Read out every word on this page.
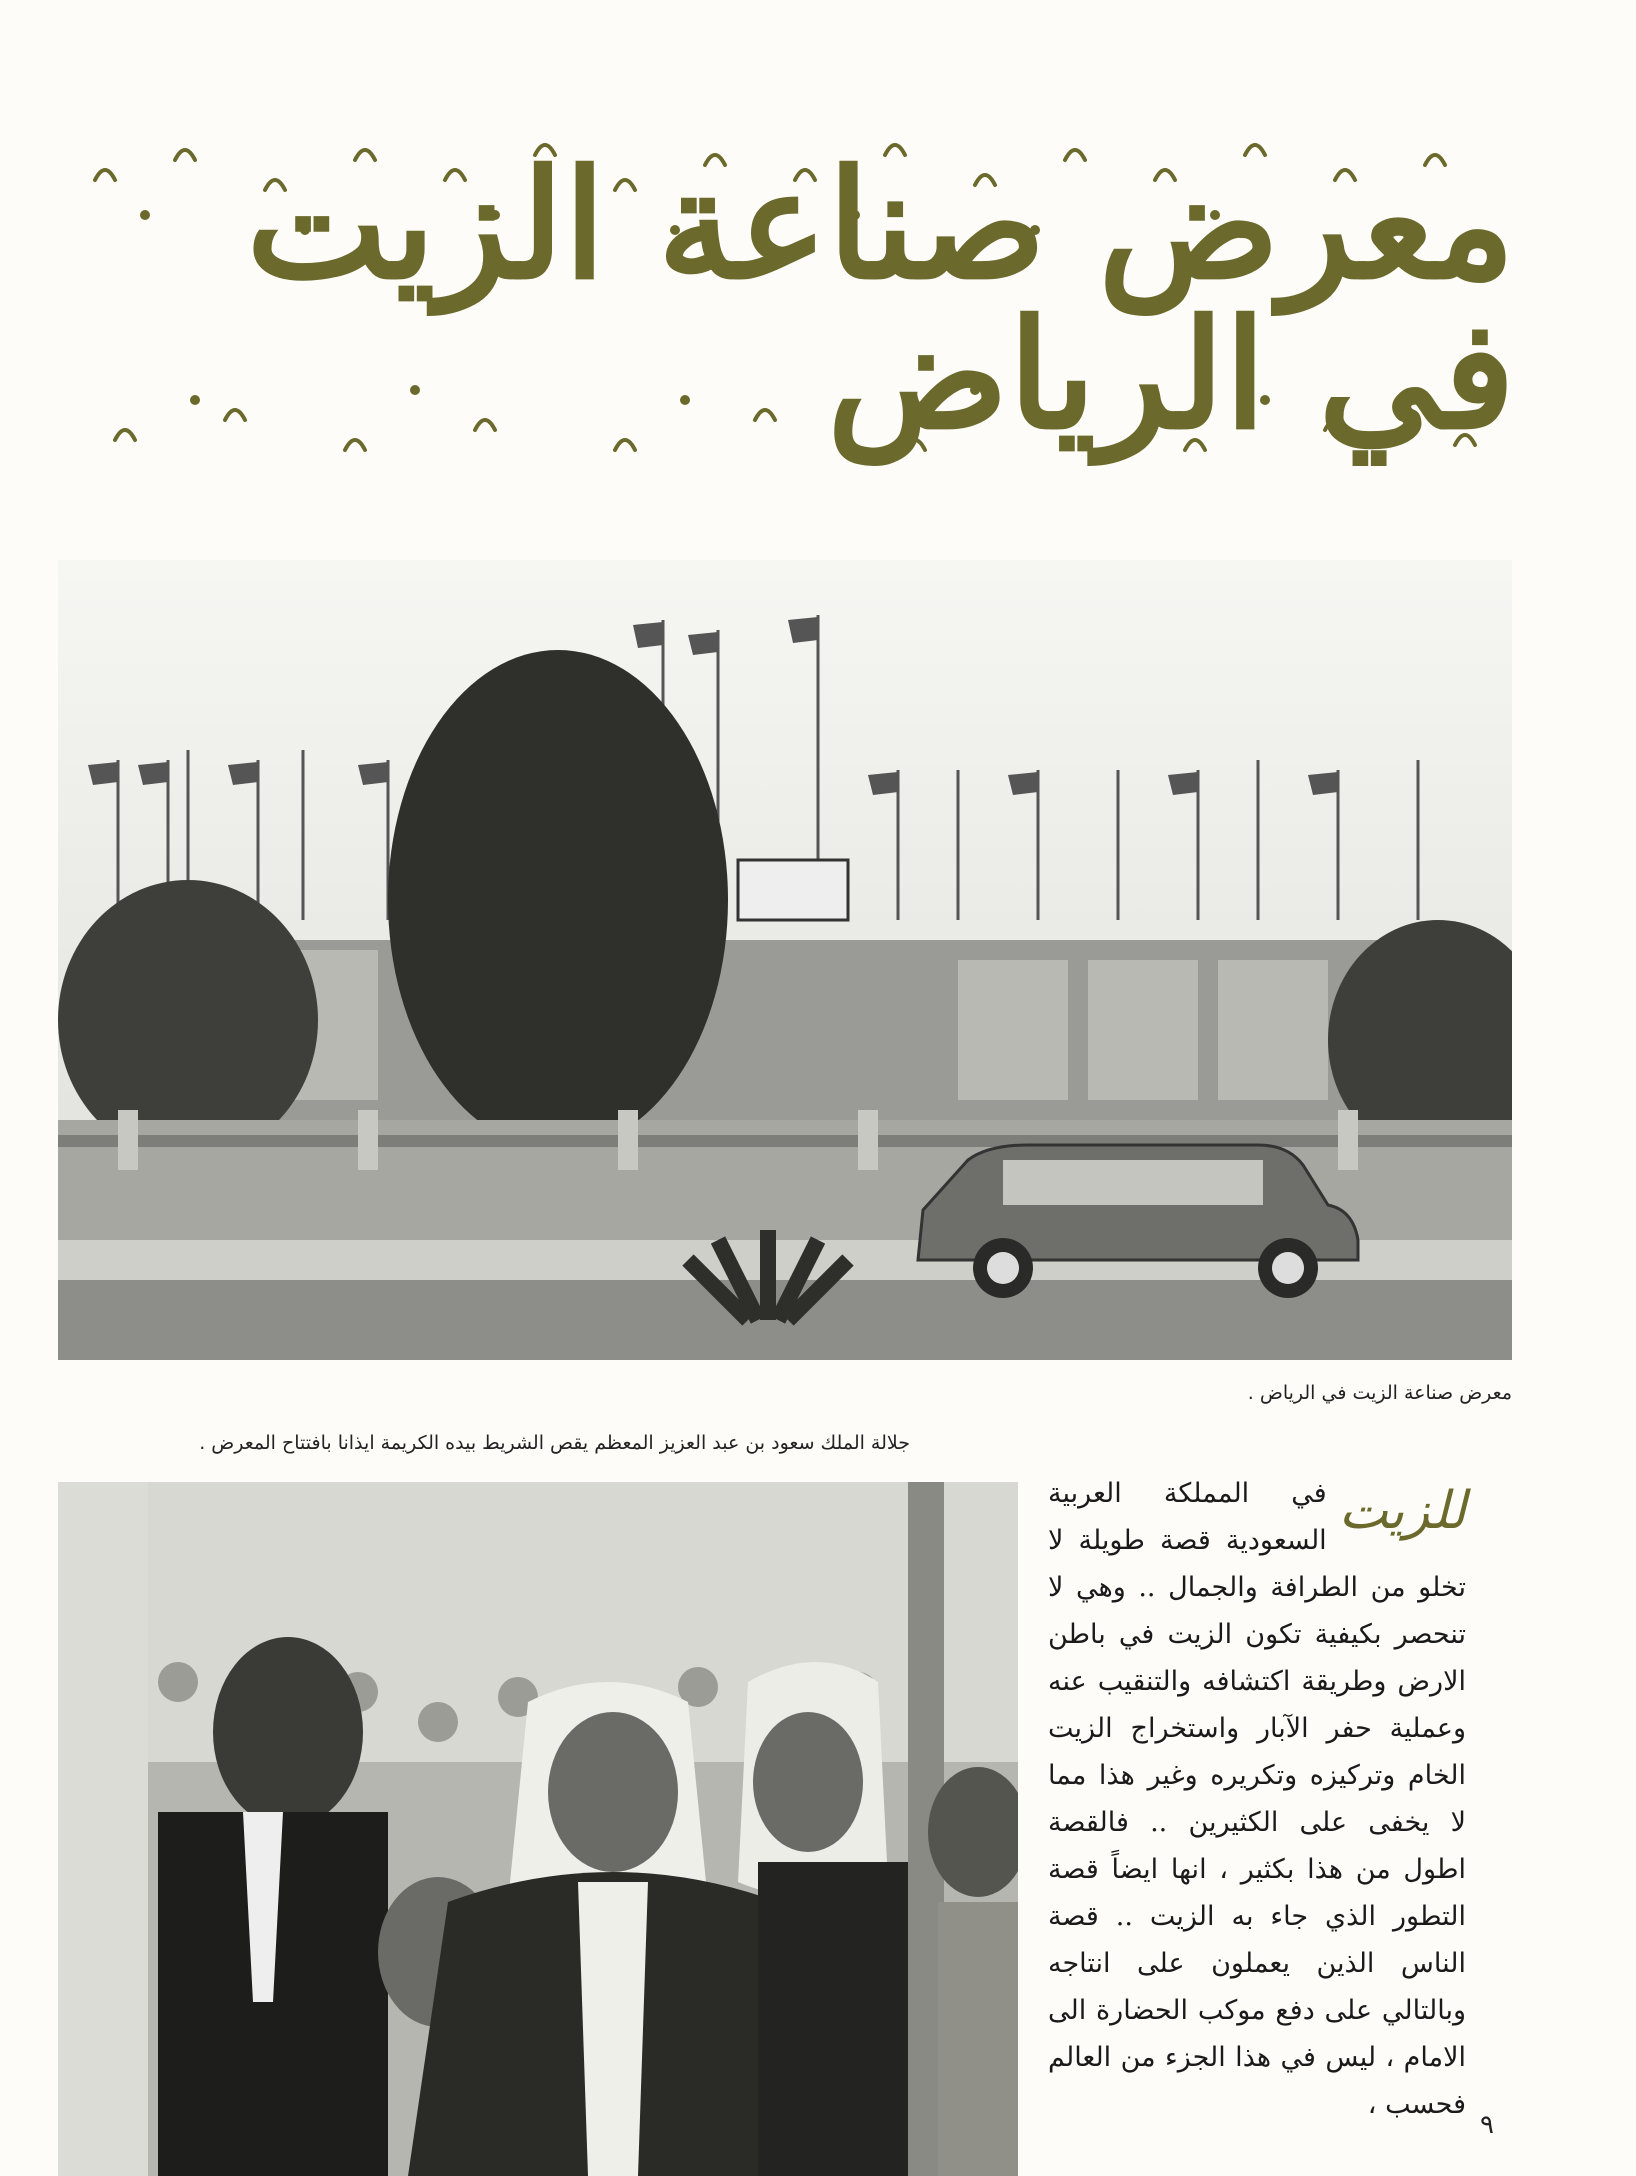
معرض صناعة الزيت في الرياض
معرض صناعة الزيت في الرياض .
جلالة الملك سعود بن عبد العزيز المعظم يقص الشريط بيده الكريمة ايذانا بافتتاح المعرض .
للزيت
في المملكة العربية السعودية قصة طويلة لا تخلو من الطرافة والجمال .. وهي لا تنحصر بكيفية تكون الزيت في باطن الارض وطريقة اكتشافه والتنقيب عنه وعملية حفر الآبار واستخراج الزيت الخام وتركيزه وتكريره وغير هذا مما لا يخفى على الكثيرين .. فالقصة اطول من هذا بكثير ، انها ايضاً قصة التطور الذي جاء به الزيت .. قصة الناس الذين يعملون على انتاجه وبالتالي على دفع موكب الحضارة الى الامام ، ليس في هذا الجزء من العالم فحسب ،
٩
